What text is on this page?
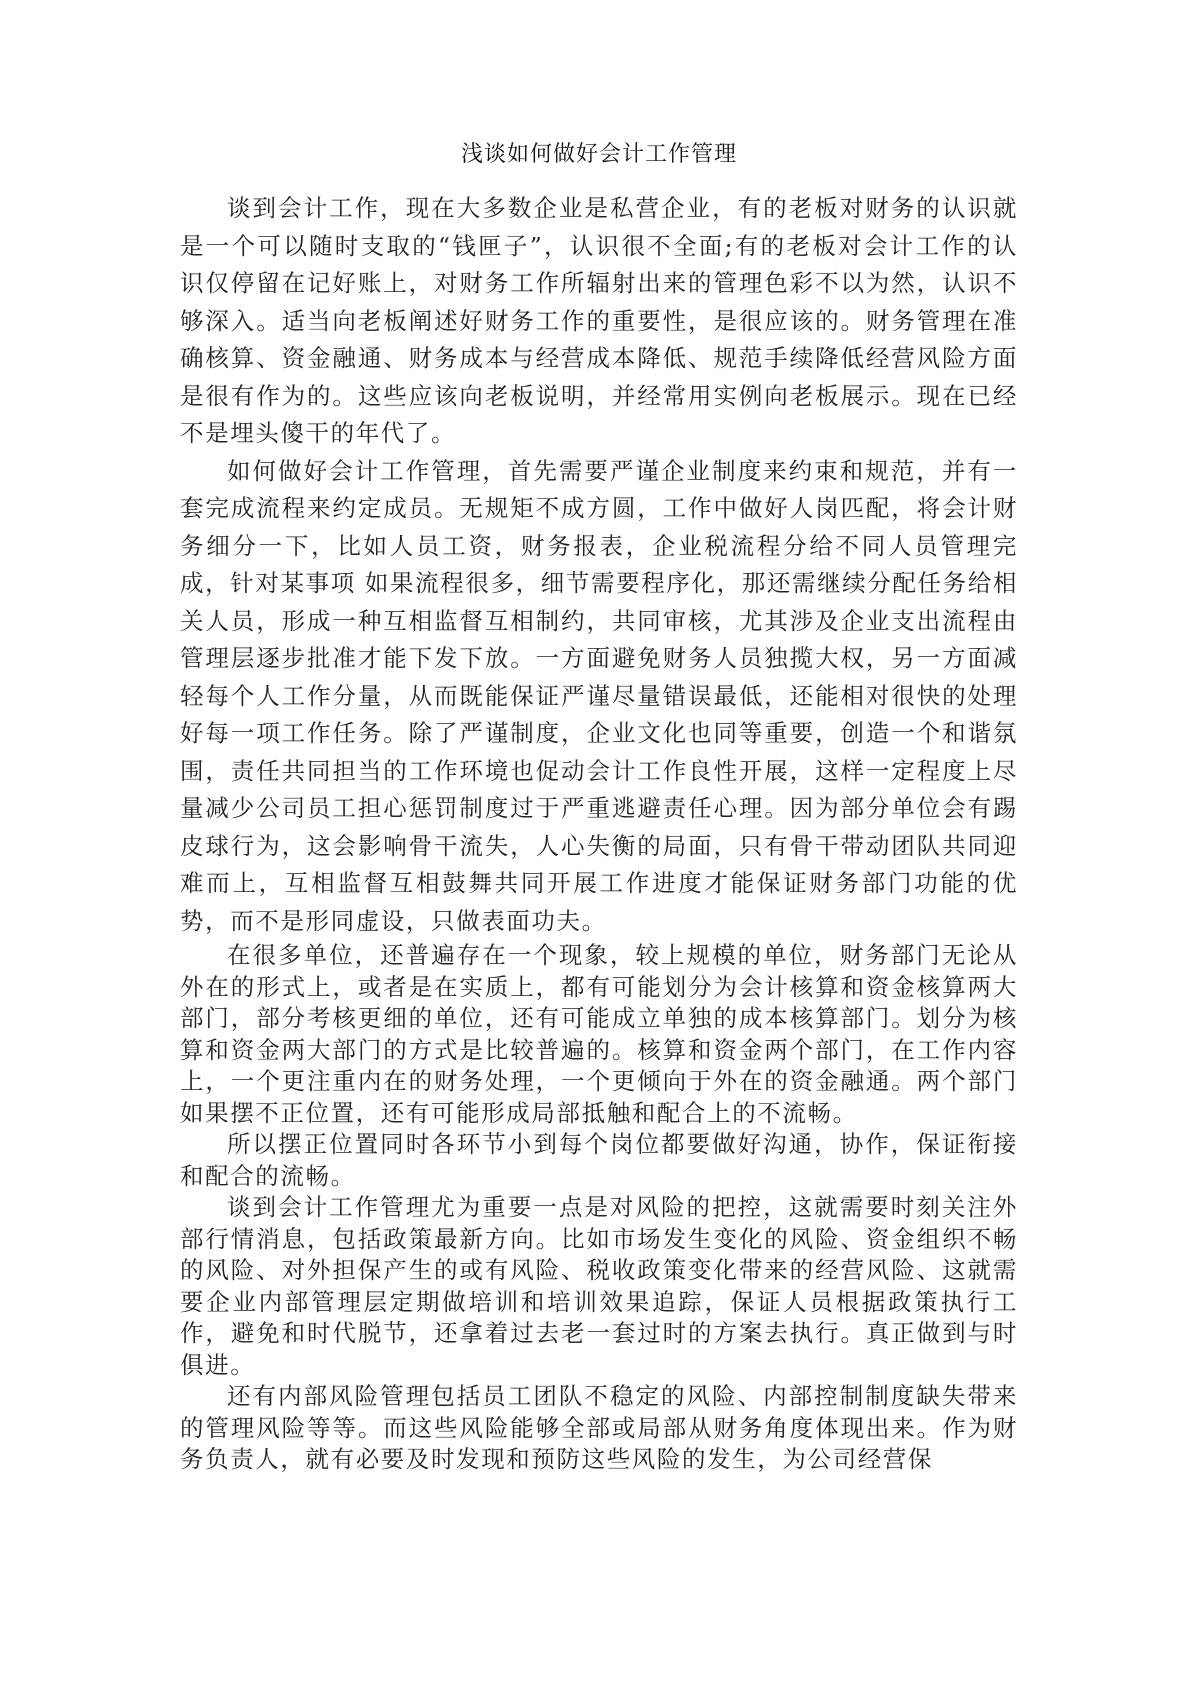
浅谈如何做好会计工作管理

谈到会计工作，现在大多数企业是私营企业，有的老板对财务的认识就是一个可以随时支取的“钱匣子”，认识很不全面;有的老板对会计工作的认识仅停留在记好账上，对财务工作所辐射出来的管理色彩不以为然，认识不够深入。适当向老板阐述好财务工作的重要性，是很应该的。财务管理在准确核算、资金融通、财务成本与经营成本降低、规范手续降低经营风险方面是很有作为的。这些应该向老板说明，并经常用实例向老板展示。现在已经不是埋头傻干的年代了。

如何做好会计工作管理，首先需要严谨企业制度来约束和规范，并有一套完成流程来约定成员。无规矩不成方圆，工作中做好人岗匹配，将会计财务细分一下，比如人员工资，财务报表，企业税流程分给不同人员管理完成，针对某事项 如果流程很多，细节需要程序化，那还需继续分配任务给相关人员，形成一种互相监督互相制约，共同审核，尤其涉及企业支出流程由管理层逐步批准才能下发下放。一方面避免财务人员独揽大权，另一方面减轻每个人工作分量，从而既能保证严谨尽量错误最低，还能相对很快的处理好每一项工作任务。除了严谨制度，企业文化也同等重要，创造一个和谐氛围，责任共同担当的工作环境也促动会计工作良性开展，这样一定程度上尽量减少公司员工担心惩罚制度过于严重逃避责任心理。因为部分单位会有踢皮球行为，这会影响骨干流失，人心失衡的局面，只有骨干带动团队共同迎难而上，互相监督互相鼓舞共同开展工作进度才能保证财务部门功能的优势，而不是形同虚设，只做表面功夫。

在很多单位，还普遍存在一个现象，较上规模的单位，财务部门无论从外在的形式上，或者是在实质上，都有可能划分为会计核算和资金核算两大部门，部分考核更细的单位，还有可能成立单独的成本核算部门。划分为核算和资金两大部门的方式是比较普遍的。核算和资金两个部门，在工作内容上，一个更注重内在的财务处理，一个更倾向于外在的资金融通。两个部门如果摆不正位置，还有可能形成局部抵触和配合上的不流畅。

所以摆正位置同时各环节小到每个岗位都要做好沟通，协作，保证衔接和配合的流畅。

谈到会计工作管理尤为重要一点是对风险的把控，这就需要时刻关注外部行情消息，包括政策最新方向。比如市场发生变化的风险、资金组织不畅的风险、对外担保产生的或有风险、税收政策变化带来的经营风险、这就需要企业内部管理层定期做培训和培训效果追踪，保证人员根据政策执行工作，避免和时代脱节，还拿着过去老一套过时的方案去执行。真正做到与时俱进。

还有内部风险管理包括员工团队不稳定的风险、内部控制制度缺失带来的管理风险等等。而这些风险能够全部或局部从财务角度体现出来。作为财务负责人，就有必要及时发现和预防这些风险的发生，为公司经营保
